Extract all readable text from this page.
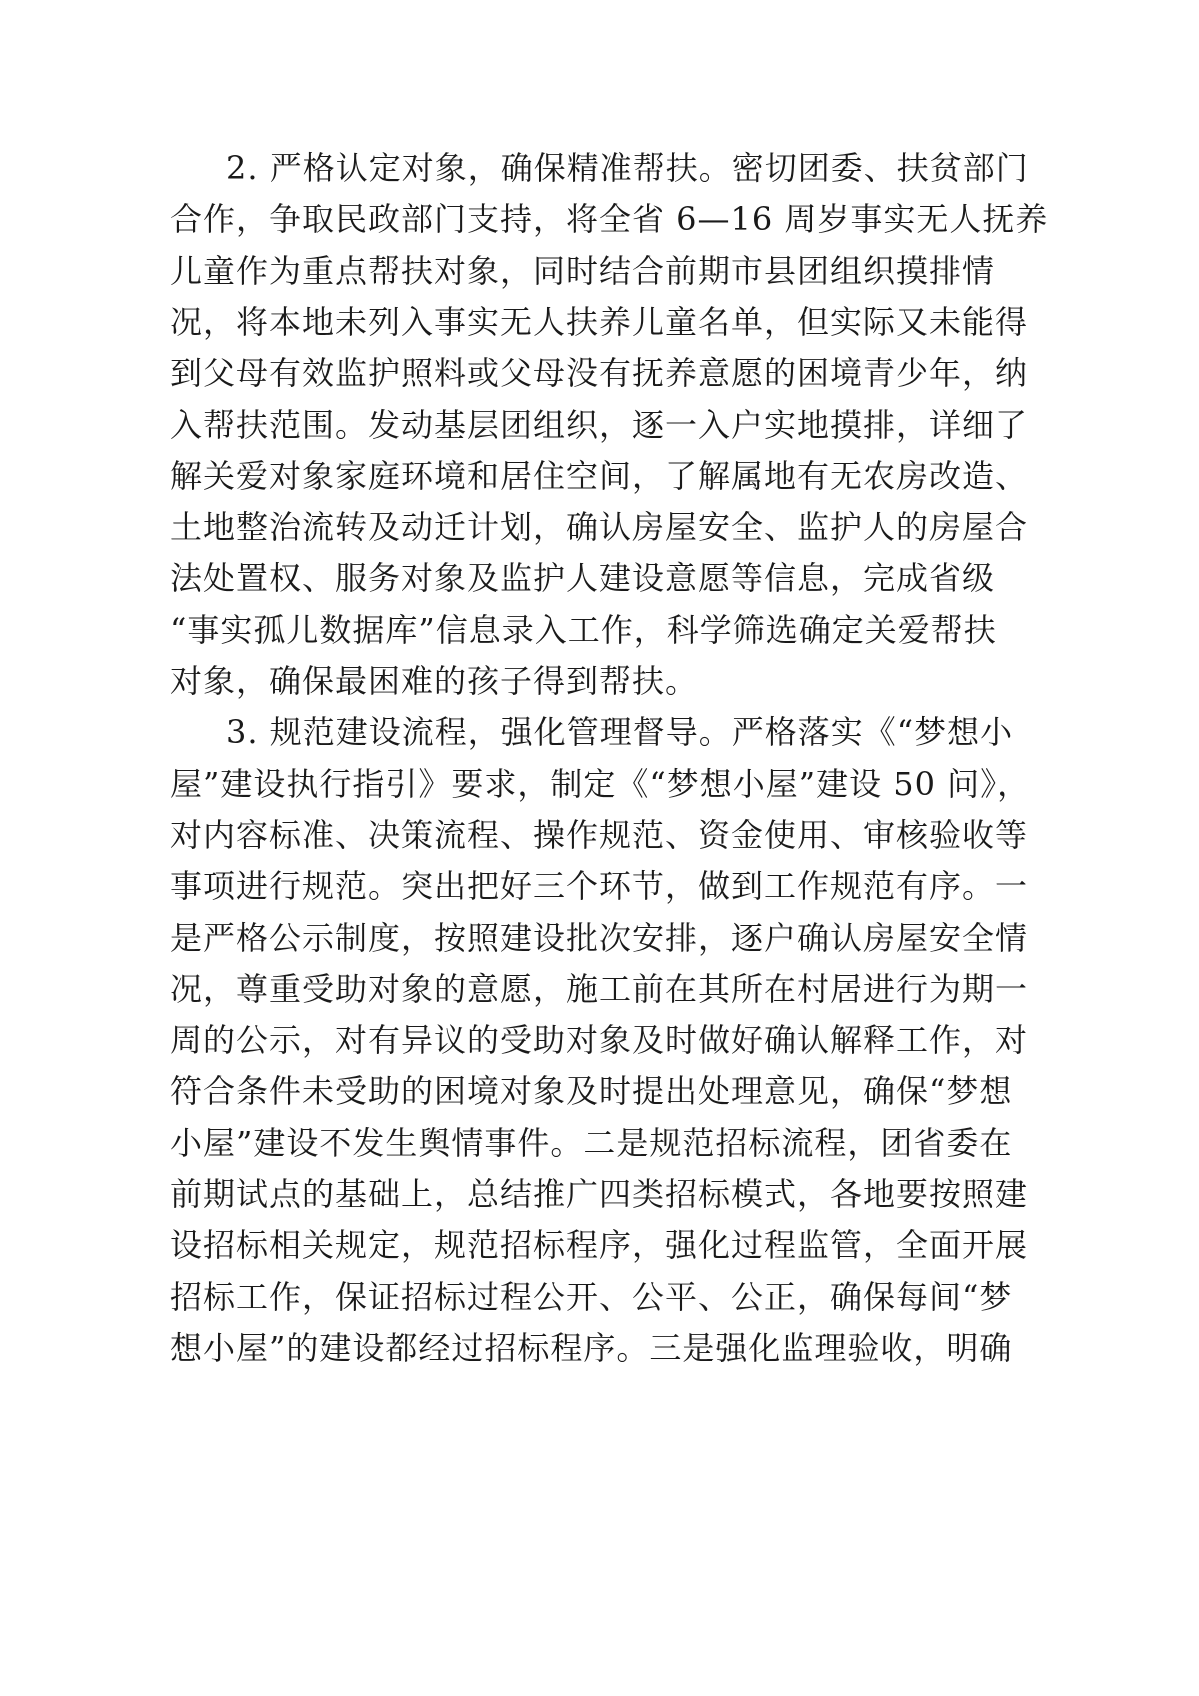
2. 严格认定对象，确保精准帮扶。密切团委、扶贫部门
合作，争取民政部门支持，将全省 6—16 周岁事实无人抚养
儿童作为重点帮扶对象，同时结合前期市县团组织摸排情
况，将本地未列入事实无人扶养儿童名单，但实际又未能得
到父母有效监护照料或父母没有抚养意愿的困境青少年，纳
入帮扶范围。发动基层团组织，逐一入户实地摸排，详细了
解关爱对象家庭环境和居住空间，了解属地有无农房改造、
土地整治流转及动迁计划，确认房屋安全、监护人的房屋合
法处置权、服务对象及监护人建设意愿等信息，完成省级
“事实孤儿数据库”信息录入工作，科学筛选确定关爱帮扶
对象，确保最困难的孩子得到帮扶。
3. 规范建设流程，强化管理督导。严格落实《“梦想小
屋”建设执行指引》要求，制定《“梦想小屋”建设 50 问》，
对内容标准、决策流程、操作规范、资金使用、审核验收等
事项进行规范。突出把好三个环节，做到工作规范有序。一
是严格公示制度，按照建设批次安排，逐户确认房屋安全情
况，尊重受助对象的意愿，施工前在其所在村居进行为期一
周的公示，对有异议的受助对象及时做好确认解释工作，对
符合条件未受助的困境对象及时提出处理意见，确保“梦想
小屋”建设不发生舆情事件。二是规范招标流程，团省委在
前期试点的基础上，总结推广四类招标模式，各地要按照建
设招标相关规定，规范招标程序，强化过程监管，全面开展
招标工作，保证招标过程公开、公平、公正，确保每间“梦
想小屋”的建设都经过招标程序。三是强化监理验收，明确
